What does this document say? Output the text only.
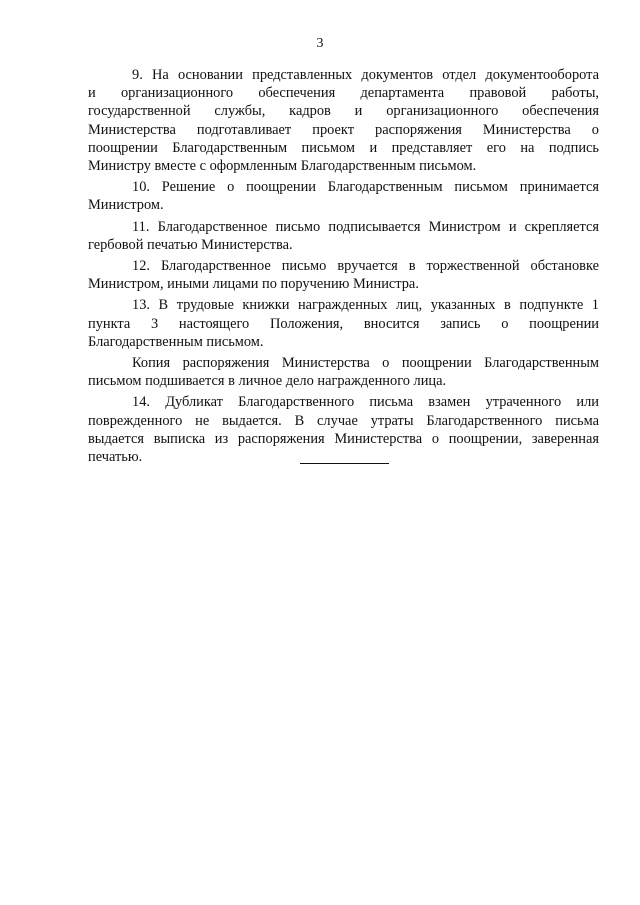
3

9. На основании представленных документов отдел документооборота
и организационного обеспечения департамента правовой работы,
государственной службы, кадров и организационного обеспечения
Министерства подготавливает проект распоряжения Министерства о
поощрении Благодарственным письмом и представляет его на подпись
Министру вместе с оформленным Благодарственным письмом.

10. Решение о поощрении Благодарственным письмом принимается
Министром.

11. Благодарственное письмо подписывается Министром и скрепляется
гербовой печатью Министерства.

12. Благодарственное письмо вручается в торжественной обстановке
Министром, иными лицами по поручению Министра.

13. В трудовые книжки награжденных лиц, указанных в подпункте 1
пункта 3 настоящего Положения, вносится запись о поощрении
Благодарственным письмом.

Копия распоряжения Министерства о поощрении Благодарственным
письмом подшивается в личное дело награжденного лица.

14. Дубликат Благодарственного письма взамен утраченного или
поврежденного не выдается. В случае утраты Благодарственного письма
выдается выписка из распоряжения Министерства о поощрении, заверенная
печатью.
